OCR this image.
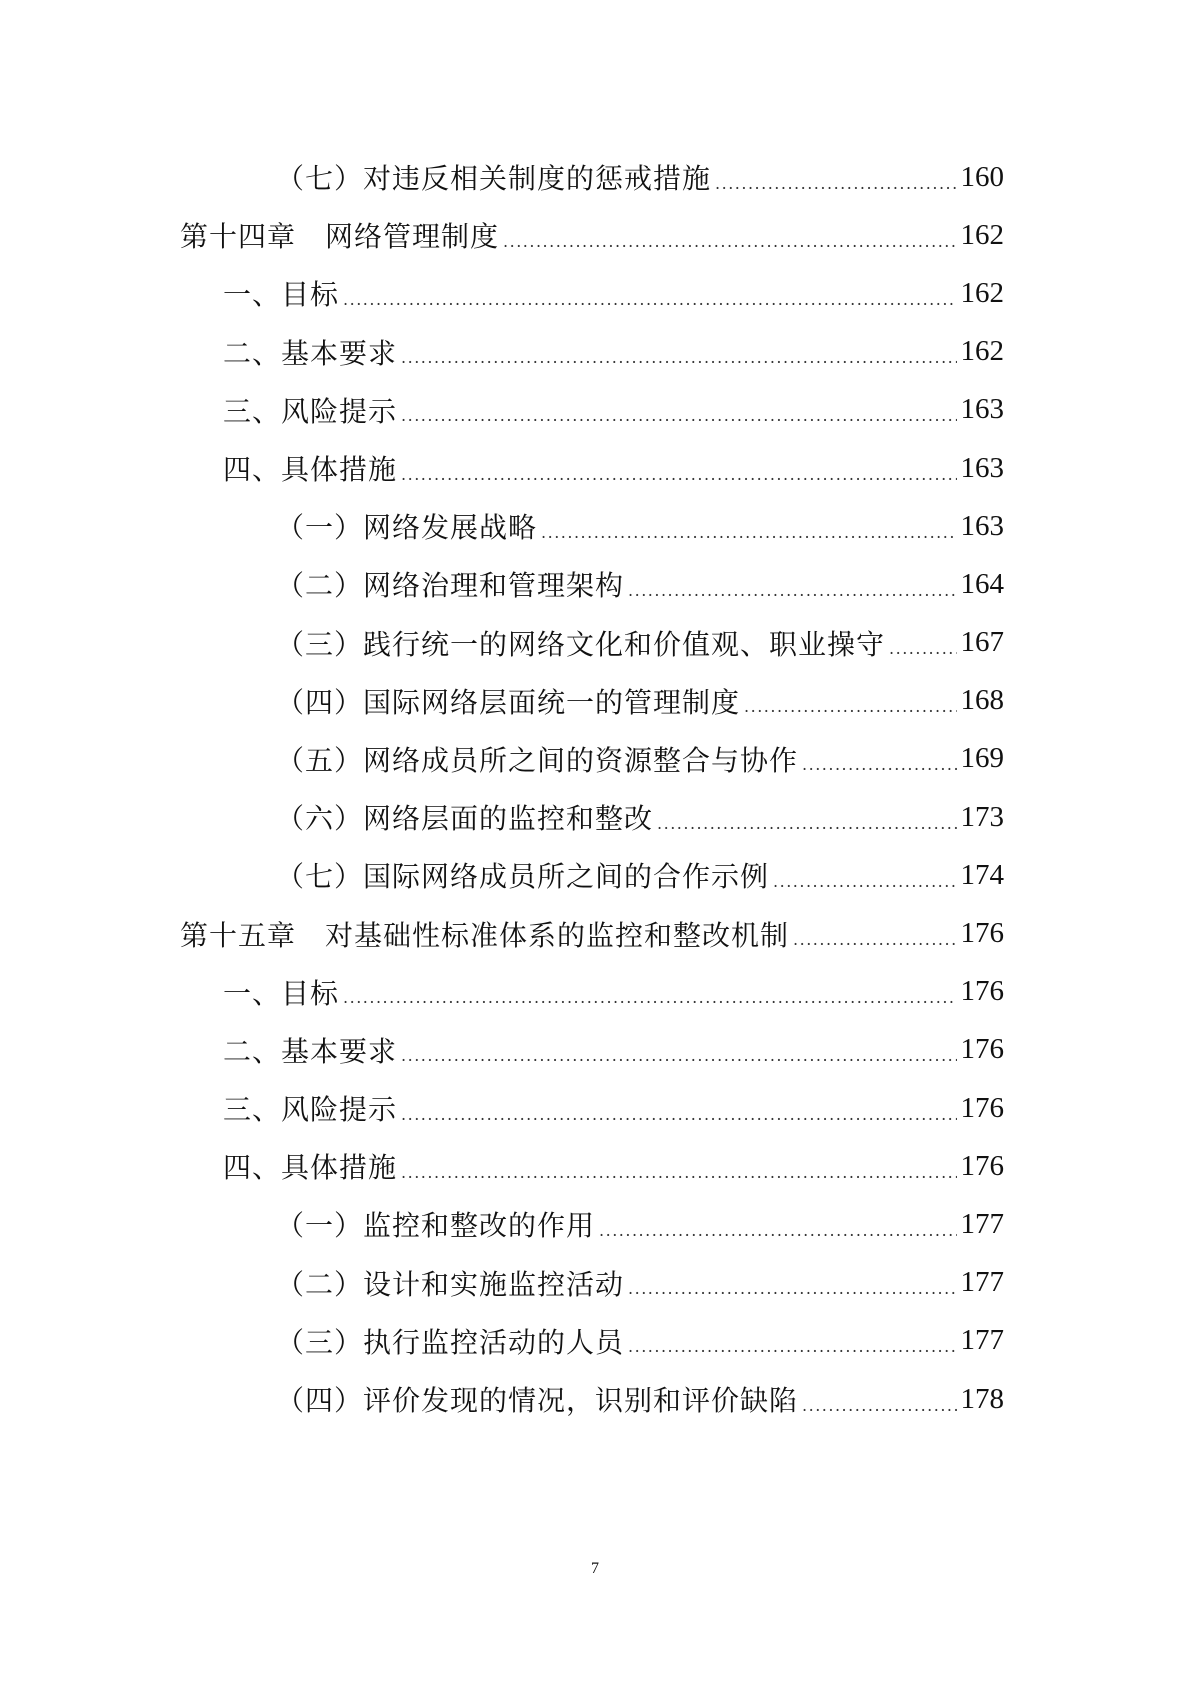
（七）对违反相关制度的惩戒措施 .....	160
第十四章　网络管理制度 .....	162
一、目标 .....	162
二、基本要求 .....	162
三、风险提示 .....	163
四、具体措施 .....	163
（一）网络发展战略 .....	163
（二）网络治理和管理架构 .....	164
（三）践行统一的网络文化和价值观、职业操守 .....	167
（四）国际网络层面统一的管理制度 .....	168
（五）网络成员所之间的资源整合与协作 .....	169
（六）网络层面的监控和整改 .....	173
（七）国际网络成员所之间的合作示例 .....	174
第十五章　对基础性标准体系的监控和整改机制 .....	176
一、目标 .....	176
二、基本要求 .....	176
三、风险提示 .....	176
四、具体措施 .....	176
（一）监控和整改的作用 .....	177
（二）设计和实施监控活动 .....	177
（三）执行监控活动的人员 .....	177
（四）评价发现的情况，识别和评价缺陷 .....	178
7
